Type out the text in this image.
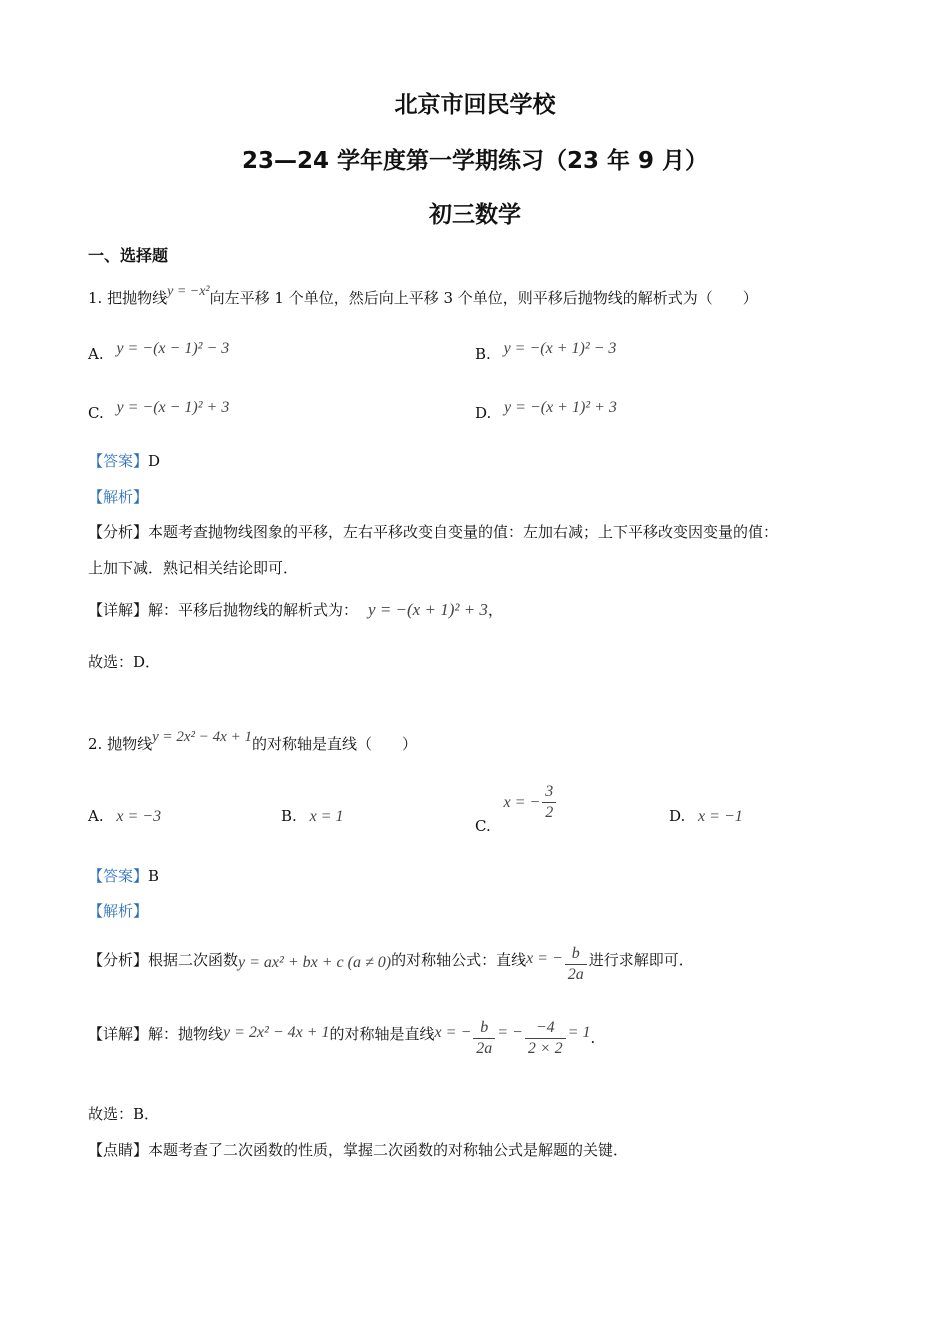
北京市回民学校
23—24 学年度第一学期练习（23 年 9 月）
初三数学
一、选择题
1. 把抛物线y = −x²向左平移 1 个单位，然后向上平移 3 个单位，则平移后抛物线的解析式为（　　）
A. y = −(x − 1)² − 3	B. y = −(x + 1)² − 3
C. y = −(x − 1)² + 3	D. y = −(x + 1)² + 3
【答案】D
【解析】
【分析】本题考查抛物线图象的平移，左右平移改变自变量的值：左加右减；上下平移改变因变量的值：
上加下减．熟记相关结论即可．
【详解】解：平移后抛物线的解析式为： y = −(x + 1)² + 3，
故选：D．
2. 抛物线y = 2x² − 4x + 1的对称轴是直线（　　）
A. x = −3	B. x = 1	C. x = − $\frac{3}{2}$	D. x = −1
【答案】B
【解析】
【分析】根据二次函数y = ax² + bx + c (a ≠ 0)的对称轴公式：直线x = − $\frac{b}{2a}$ 进行求解即可．
【详解】解：抛物线y = 2x² − 4x + 1的对称轴是直线x = − $\frac{b}{2a}$ = − $\frac{-4}{2 \times 2} = 1$．
故选：B．
【点睛】本题考查了二次函数的性质，掌握二次函数的对称轴公式是解题的关键．
